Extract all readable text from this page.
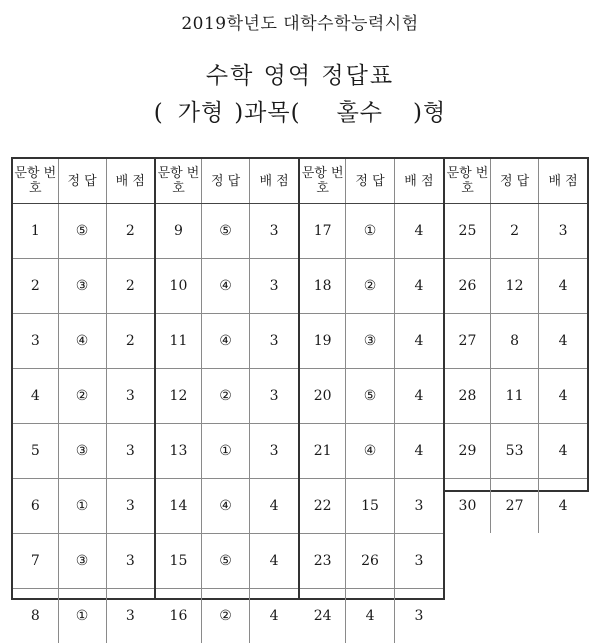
2019학년도 대학수학능력시험
수학 영역 정답표
( 가형 )과목( 홀수 )형
문항 번호	정 답	배 점
1	⑤	2
2	③	2
3	④	2
4	②	3
5	③	3
6	①	3
7	③	3
8	①	3
문항 번호	정 답	배 점
9	⑤	3
10	④	3
11	④	3
12	②	3
13	①	3
14	④	4
15	⑤	4
16	②	4
문항 번호	정 답	배 점
17	①	4
18	②	4
19	③	4
20	⑤	4
21	④	4
22	15	3
23	26	3
24	4	3
문항 번호	정 답	배 점
25	2	3
26	12	4
27	8	4
28	11	4
29	53	4
30	27	4
